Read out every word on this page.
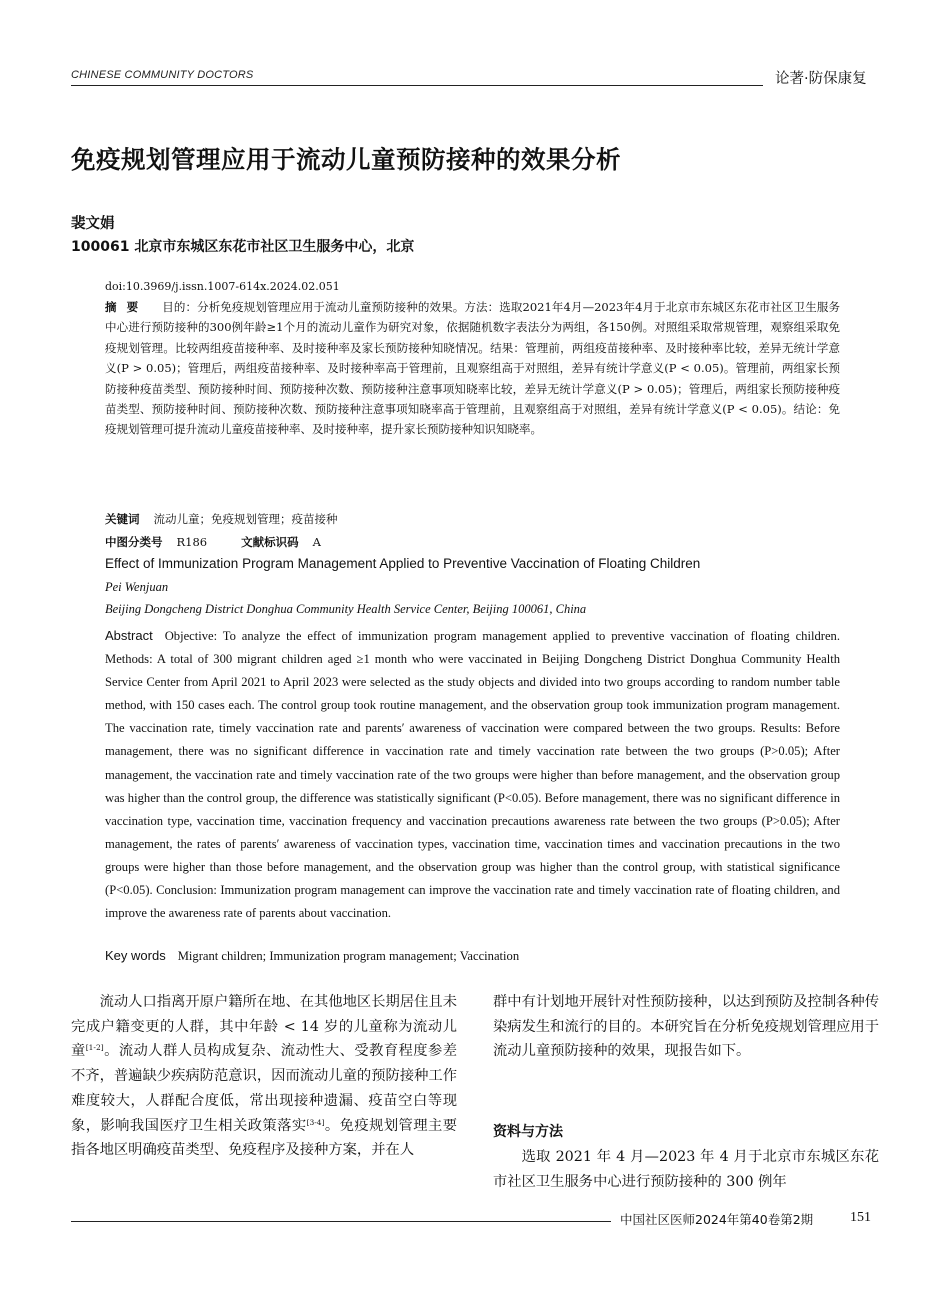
CHINESE COMMUNITY DOCTORS	论著·防保康复
免疫规划管理应用于流动儿童预防接种的效果分析
裴文娟
100061 北京市东城区东花市社区卫生服务中心，北京
doi:10.3969/j.issn.1007-614x.2024.02.051
摘要 目的：分析免疫规划管理应用于流动儿童预防接种的效果。方法：选取2021年4月—2023年4月于北京市东城区东花市社区卫生服务中心进行预防接种的300例年龄≥1个月的流动儿童作为研究对象，依据随机数字表法分为两组，各150例。对照组采取常规管理，观察组采取免疫规划管理。比较两组疫苗接种率、及时接种率及家长预防接种知晓情况。结果：管理前，两组疫苗接种率、及时接种率比较，差异无统计学意义(P > 0.05)；管理后，两组疫苗接种率、及时接种率高于管理前，且观察组高于对照组，差异有统计学意义(P < 0.05)。管理前，两组家长预防接种疫苗类型、预防接种时间、预防接种次数、预防接种注意事项知晓率比较，差异无统计学意义(P > 0.05)；管理后，两组家长预防接种疫苗类型、预防接种时间、预防接种次数、预防接种注意事项知晓率高于管理前，且观察组高于对照组，差异有统计学意义(P < 0.05)。结论：免疫规划管理可提升流动儿童疫苗接种率、及时接种率，提升家长预防接种知识知晓率。
关键词 流动儿童；免疫规划管理；疫苗接种
中图分类号 R186	文献标识码 A
Effect of Immunization Program Management Applied to Preventive Vaccination of Floating Children
Pei Wenjuan
Beijing Dongcheng District Donghua Community Health Service Center, Beijing 100061, China
Abstract Objective: To analyze the effect of immunization program management applied to preventive vaccination of floating children. Methods: A total of 300 migrant children aged ≥1 month who were vaccinated in Beijing Dongcheng District Donghua Community Health Service Center from April 2021 to April 2023 were selected as the study objects and divided into two groups according to random number table method, with 150 cases each. The control group took routine management, and the observation group took immunization program management. The vaccination rate, timely vaccination rate and parents′ awareness of vaccination were compared between the two groups. Results: Before management, there was no significant difference in vaccination rate and timely vaccination rate between the two groups (P>0.05); After management, the vaccination rate and timely vaccination rate of the two groups were higher than before management, and the observation group was higher than the control group, the difference was statistically significant (P<0.05). Before management, there was no significant difference in vaccination type, vaccination time, vaccination frequency and vaccination precautions awareness rate between the two groups (P>0.05); After management, the rates of parents′ awareness of vaccination types, vaccination time, vaccination times and vaccination precautions in the two groups were higher than those before management, and the observation group was higher than the control group, with statistical significance (P<0.05). Conclusion: Immunization program management can improve the vaccination rate and timely vaccination rate of floating children, and improve the awareness rate of parents about vaccination.
Key words Migrant children; Immunization program management; Vaccination
流动人口指离开原户籍所在地、在其他地区长期居住且未完成户籍变更的人群，其中年龄 < 14 岁的儿童称为流动儿童[1-2]。流动人群人员构成复杂、流动性大、受教育程度参差不齐，普遍缺少疾病防范意识，因而流动儿童的预防接种工作难度较大，人群配合度低，常出现接种遗漏、疫苗空白等现象，影响我国医疗卫生相关政策落实[3-4]。免疫规划管理主要指各地区明确疫苗类型、免疫程序及接种方案，并在人
群中有计划地开展针对性预防接种，以达到预防及控制各种传染病发生和流行的目的。本研究旨在分析免疫规划管理应用于流动儿童预防接种的效果，现报告如下。
资料与方法
选取 2021 年 4 月—2023 年 4 月于北京市东城区东花市社区卫生服务中心进行预防接种的 300 例年
中国社区医师2024年第40卷第2期	151
